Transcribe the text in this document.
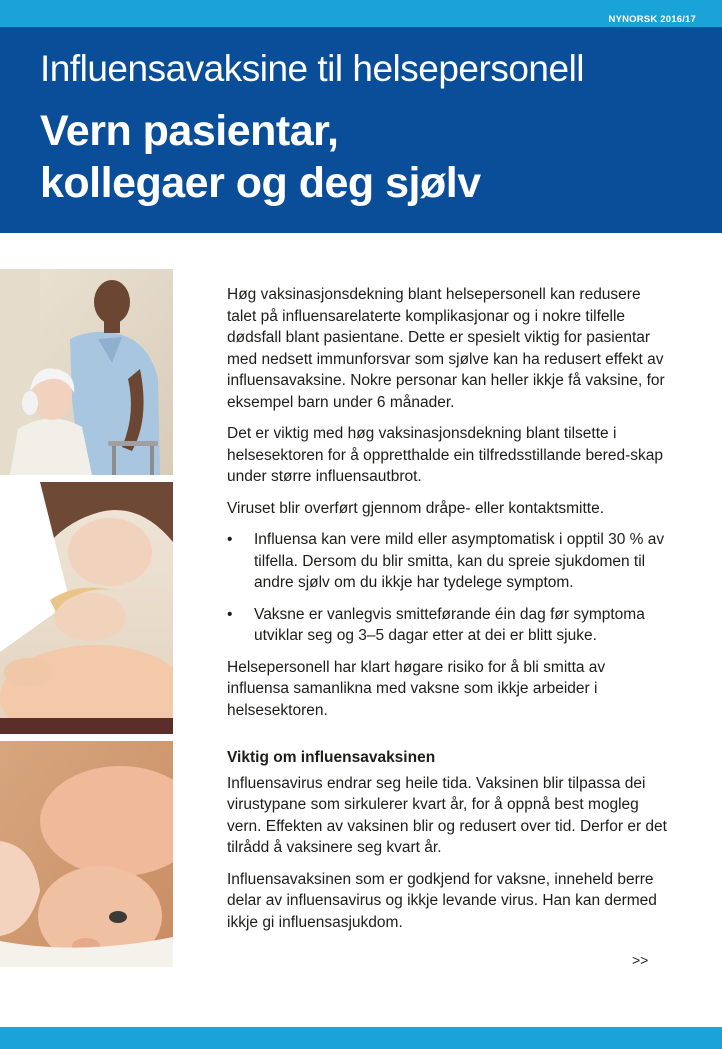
NYNORSK 2016/17
Influensavaksine til helsepersonell
Vern pasientar,
kollegaer og deg sjølv

Høg vaksinasjonsdekning blant helsepersonell kan redusere talet på influensarelaterte komplikasjonar og i nokre tilfelle dødsfall blant pasientane. Dette er spesielt viktig for pasientar med nedsett immunforsvar som sjølve kan ha redusert effekt av influensavaksine. Nokre personar kan heller ikkje få vaksine, for eksempel barn under 6 månader.

Det er viktig med høg vaksinasjonsdekning blant tilsette i helsesektoren for å oppretthalde ein tilfredsstillande bered-skap under større influensautbrot.

Viruset blir overført gjennom dråpe- eller kontaktsmitte.

• Influensa kan vere mild eller asymptomatisk i opptil 30 % av tilfella. Dersom du blir smitta, kan du spreie sjukdomen til andre sjølv om du ikkje har tydelege symptom.
• Vaksne er vanlegvis smitteførande éin dag før symptoma utviklar seg og 3–5 dagar etter at dei er blitt sjuke.

Helsepersonell har klart høgare risiko for å bli smitta av influensa samanlikna med vaksne som ikkje arbeider i helsesektoren.

Viktig om influensavaksinen

Influensavirus endrar seg heile tida. Vaksinen blir tilpassa dei virustypane som sirkulerer kvart år, for å oppnå best mogleg vern. Effekten av vaksinen blir og redusert over tid. Derfor er det tilrådd å vaksinere seg kvart år.

Influensavaksinen som er godkjend for vaksne, inneheld berre delar av influensavirus og ikkje levande virus. Han kan dermed ikkje gi influensasjukdom.

>>
